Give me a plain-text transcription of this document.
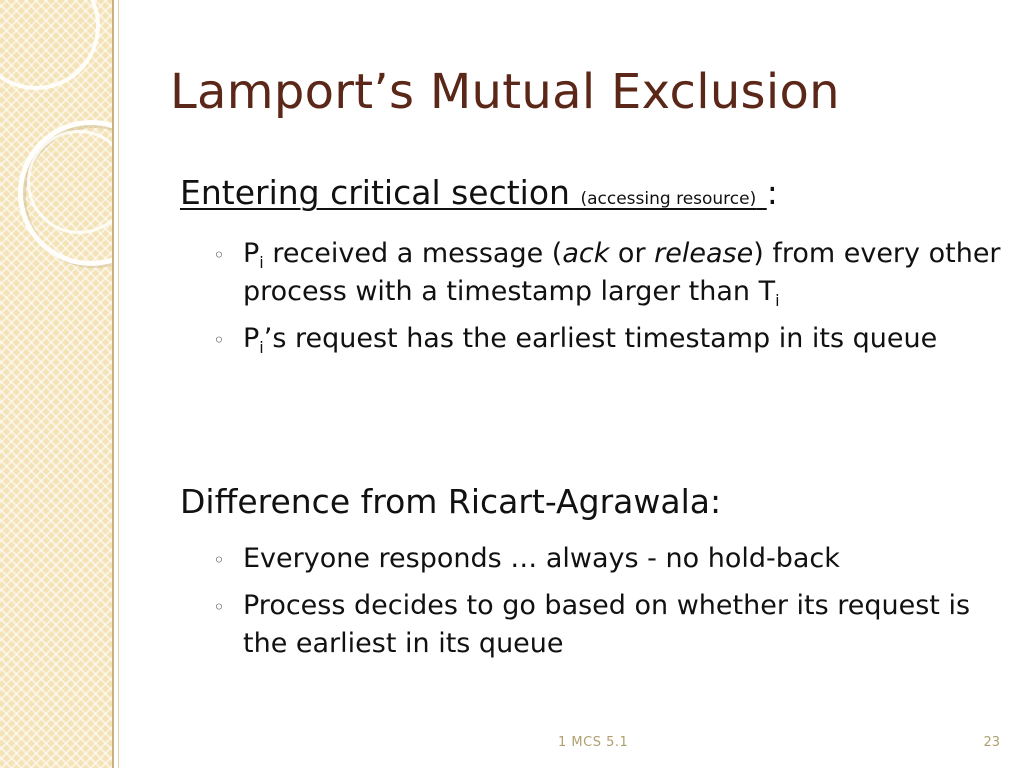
Lamport’s Mutual Exclusion
Entering critical section (accessing resource) :
◦ $P_i$ received a message (ack or release) from every other process with a timestamp larger than $T_i$
◦ $P_i’s$ request has the earliest timestamp in its queue
Difference from Ricart-Agrawala:
◦ Everyone responds … always - no hold-back
◦ Process decides to go based on whether its request is the earliest in its queue
1 MCS 5.1	23
